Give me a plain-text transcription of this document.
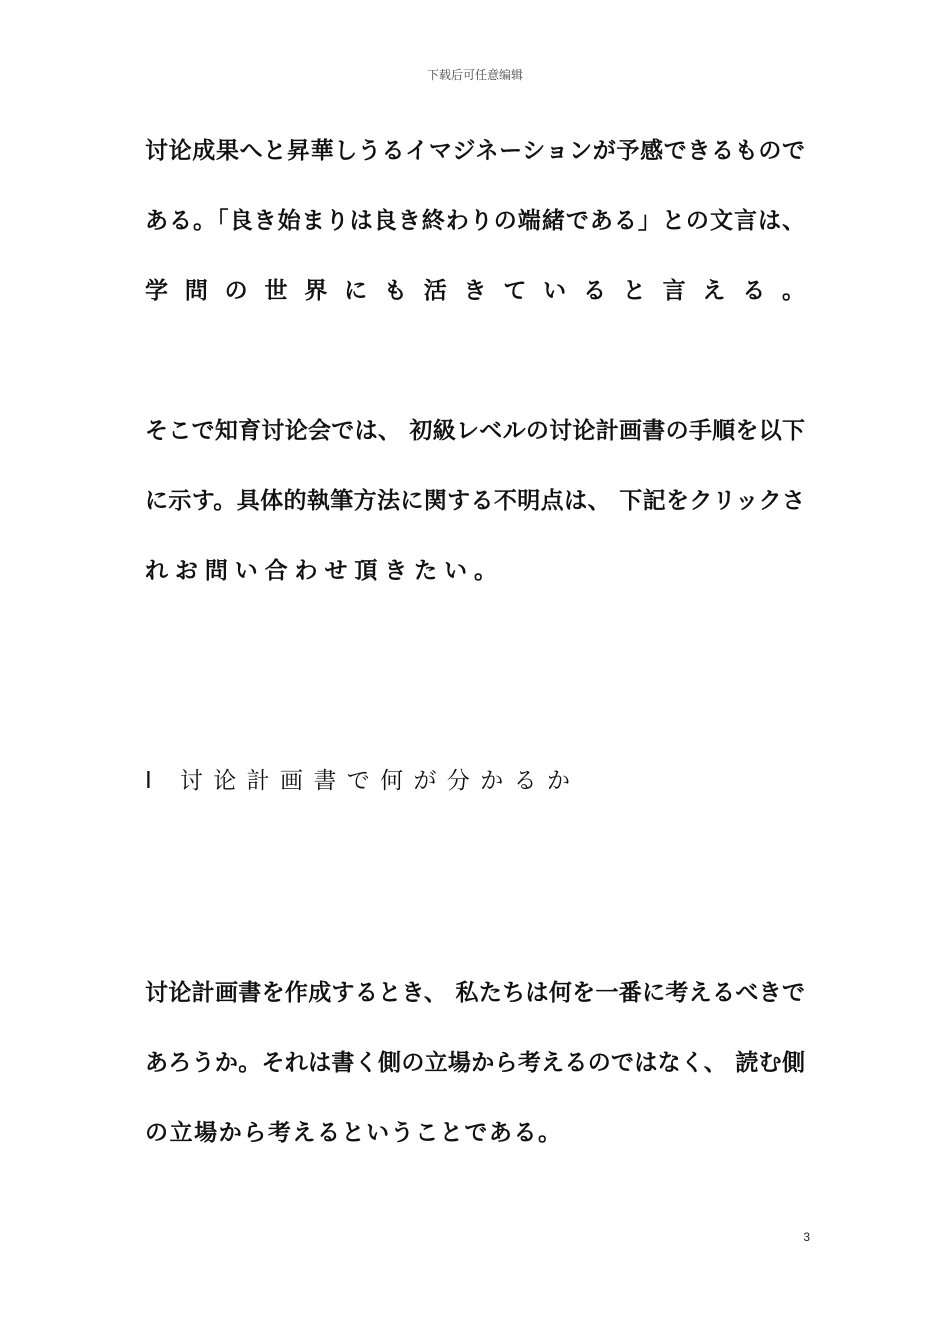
下载后可任意编辑
讨论成果へと昇華しうるイマジネーションが予感できるもので
ある。「良き始まりは良き終わりの端緒である」との文言は、
学問の世界にも活きていると言える。
そこで知育讨论会では、 初級レベルの讨论計画書の手順を以下
に示す。具体的執筆方法に関する不明点は、 下記をクリックさ
れお問い合わせ頂きたい。
Ⅰ 讨论計画書で何が分かるか
讨论計画書を作成するとき、 私たちは何を一番に考えるべきで
あろうか。それは書く側の立場から考えるのではなく、 読む側
の立場から考えるということである。
3
